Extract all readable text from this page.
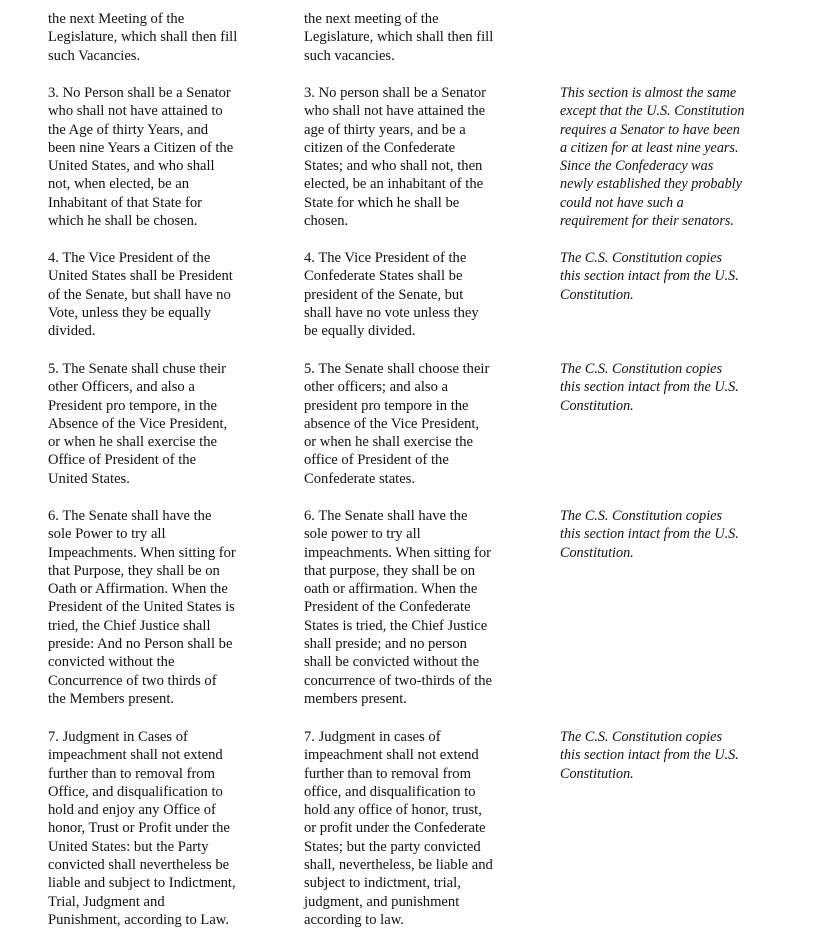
the next Meeting of the
Legislature, which shall then fill
such Vacancies.
the next meeting of the
Legislature, which shall then fill
such vacancies.
3. No Person shall be a Senator
who shall not have attained to
the Age of thirty Years, and
been nine Years a Citizen of the
United States, and who shall
not, when elected, be an
Inhabitant of that State for
which he shall be chosen.
3. No person shall be a Senator
who shall not have attained the
age of thirty years, and be a
citizen of the Confederate
States; and who shall not, then
elected, be an inhabitant of the
State for which he shall be
chosen.
This section is almost the same
except that the U.S. Constitution
requires a Senator to have been
a citizen for at least nine years.
Since the Confederacy was
newly established they probably
could not have such a
requirement for their senators.
4. The Vice President of the
United States shall be President
of the Senate, but shall have no
Vote, unless they be equally
divided.
4. The Vice President of the
Confederate States shall be
president of the Senate, but
shall have no vote unless they
be equally divided.
The C.S. Constitution copies
this section intact from the U.S.
Constitution.
5. The Senate shall chuse their
other Officers, and also a
President pro tempore, in the
Absence of the Vice President,
or when he shall exercise the
Office of President of the
United States.
5. The Senate shall choose their
other officers; and also a
president pro tempore in the
absence of the Vice President,
or when he shall exercise the
office of President of the
Confederate states.
The C.S. Constitution copies
this section intact from the U.S.
Constitution.
6. The Senate shall have the
sole Power to try all
Impeachments. When sitting for
that Purpose, they shall be on
Oath or Affirmation. When the
President of the United States is
tried, the Chief Justice shall
preside: And no Person shall be
convicted without the
Concurrence of two thirds of
the Members present.
6. The Senate shall have the
sole power to try all
impeachments. When sitting for
that purpose, they shall be on
oath or affirmation. When the
President of the Confederate
States is tried, the Chief Justice
shall preside; and no person
shall be convicted without the
concurrence of two-thirds of the
members present.
The C.S. Constitution copies
this section intact from the U.S.
Constitution.
7. Judgment in Cases of
impeachment shall not extend
further than to removal from
Office, and disqualification to
hold and enjoy any Office of
honor, Trust or Profit under the
United States: but the Party
convicted shall nevertheless be
liable and subject to Indictment,
Trial, Judgment and
Punishment, according to Law.
7. Judgment in cases of
impeachment shall not extend
further than to removal from
office, and disqualification to
hold any office of honor, trust,
or profit under the Confederate
States; but the party convicted
shall, nevertheless, be liable and
subject to indictment, trial,
judgment, and punishment
according to law.
The C.S. Constitution copies
this section intact from the U.S.
Constitution.
